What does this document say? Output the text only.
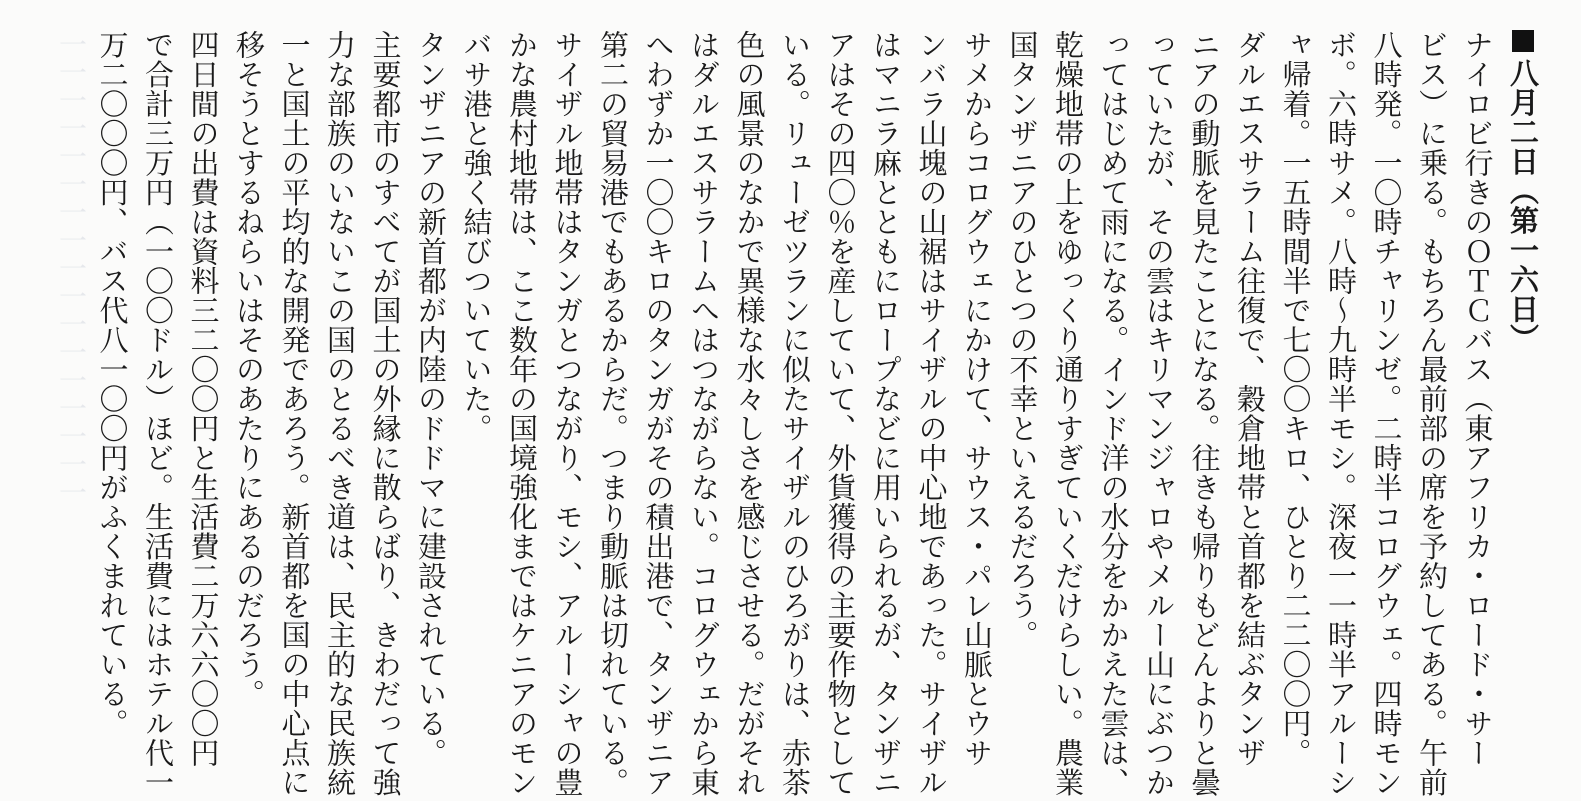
一一一一一一一一一一一一一一一一一	八月二日（第一六日）
ナイロビ行きのＯＴＣバス（東アフリカ・ロード・サー
ビス）に乗る。もちろん最前部の席を予約してある。午前
八時発。一〇時チャリンゼ。二時半コログウェ。四時モン
ボ。六時サメ。八時～九時半モシ。深夜一一時半アルーシ
ャ帰着。一五時間半で七〇〇キロ、ひとり二二〇〇円。
ダルエスサラーム往復で、穀倉地帯と首都を結ぶタンザ
ニアの動脈を見たことになる。往きも帰りもどんよりと曇
っていたが、その雲はキリマンジャロやメルー山にぶつか
ってはじめて雨になる。インド洋の水分をかかえた雲は、
乾燥地帯の上をゆっくり通りすぎていくだけらしい。農業
国タンザニアのひとつの不幸といえるだろう。
サメからコログウェにかけて、サウス・パレ山脈とウサ
ンバラ山塊の山裾はサイザルの中心地であった。サイザル
はマニラ麻とともにロープなどに用いられるが、タンザニ
アはその四〇％を産していて、外貨獲得の主要作物として
いる。リューゼツランに似たサイザルのひろがりは、赤茶
色の風景のなかで異様な水々しさを感じさせる。だがそれ
はダルエスサラームへはつながらない。コログウェから東
へわずか一〇〇キロのタンガがその積出港で、タンザニア
第二の貿易港でもあるからだ。つまり動脈は切れている。
サイザル地帯はタンガとつながり、モシ、アルーシャの豊
かな農村地帯は、ここ数年の国境強化まではケニアのモン
バサ港と強く結びついていた。
タンザニアの新首都が内陸のドドマに建設されている。
主要都市のすべてが国土の外縁に散らばり、きわだって強
力な部族のいないこの国のとるべき道は、民主的な民族統
一と国土の平均的な開発であろう。新首都を国の中心点に
移そうとするねらいはそのあたりにあるのだろう。
四日間の出費は資料三二〇〇円と生活費二万六六〇〇円
で合計三万円（一〇〇ドル）ほど。生活費にはホテル代一
万二〇〇〇円、バス代八一〇〇円がふくまれている。
